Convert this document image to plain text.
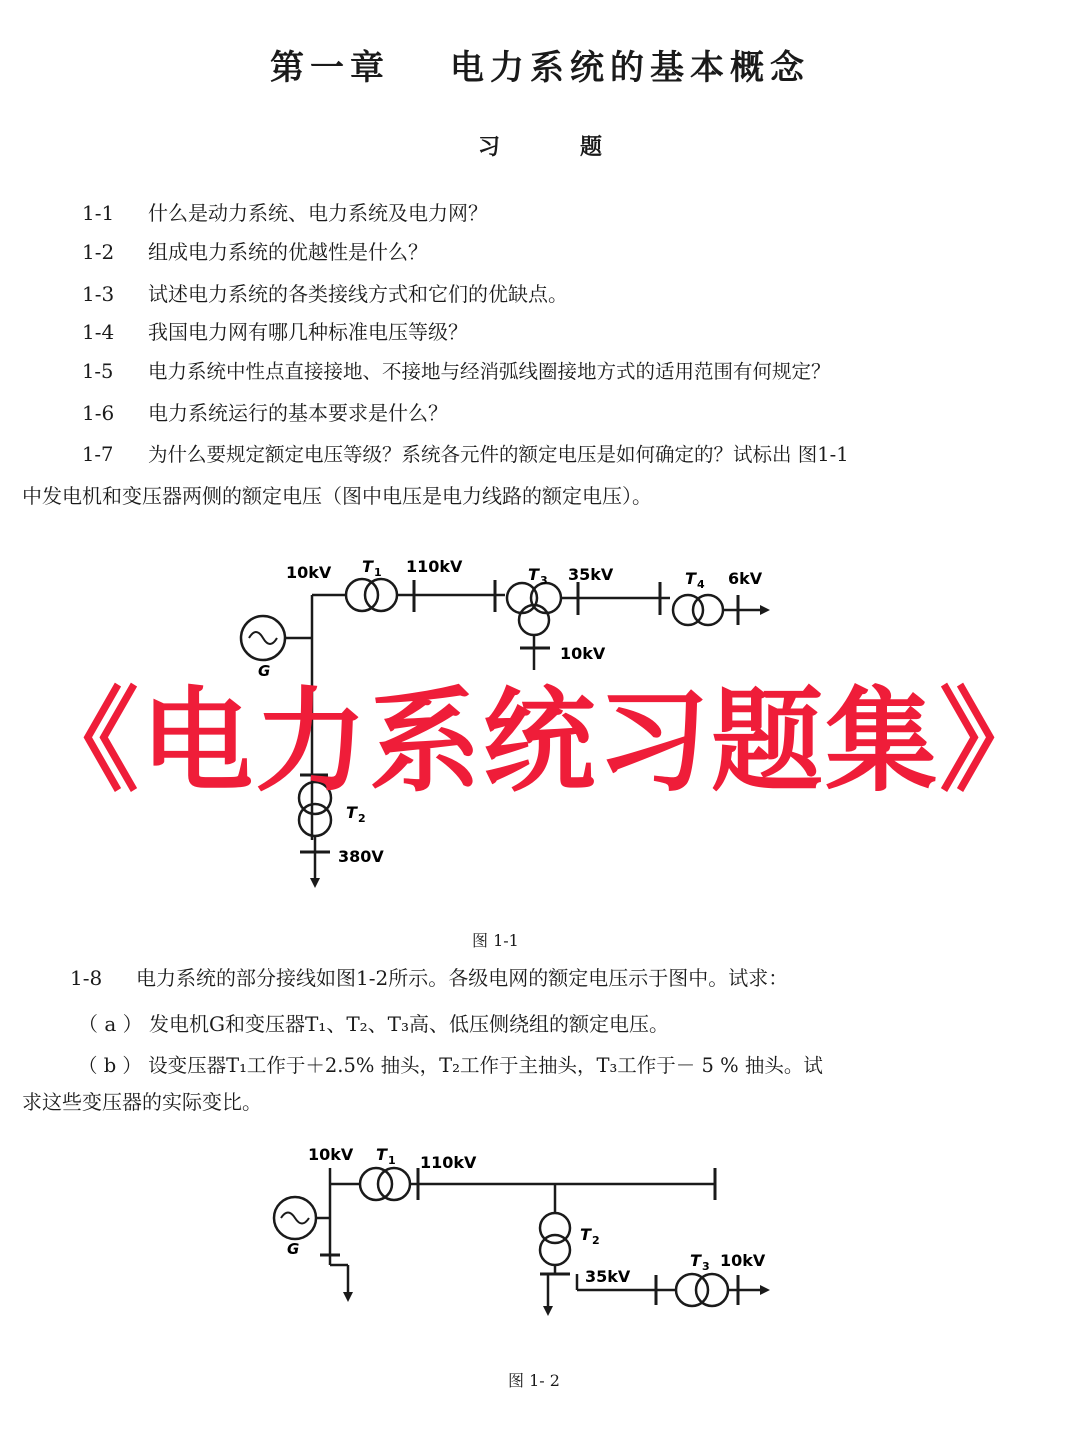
第一章 电力系统的基本概念
习	题
1-1 什么是动力系统、电力系统及电力网？
1-2 组成电力系统的优越性是什么？
1-3 试述电力系统的各类接线方式和它们的优缺点。
1-4 我国电力网有哪几种标准电压等级？
1-5 电力系统中性点直接接地、不接地与经消弧线圈接地方式的适用范围有何规定？
1-6 电力系统运行的基本要求是什么？
1-7 为什么要规定额定电压等级？系统各元件的额定电压是如何确定的？试标出 图1-1
中发电机和变压器两侧的额定电压（图中电压是电力线路的额定电压）。
10kV T 1 110kV	T 3 35kV	T 4 6kV
10kV
G
T 2
380V
图 1-1
《电力系统习题集》
1-8 电力系统的部分接线如图1-2所示。各级电网的额定电压示于图中。试求：
（ a ） 发电机G和变压器T₁、T₂、T₃高、低压侧绕组的额定电压。
（ b ） 设变压器T₁工作于＋2.5% 抽头，T₂工作于主抽头，T₃工作于－ 5 % 抽头。试
求这些变压器的实际变比。
10kV T 1 110kV
G
T 2
35kV
T 3 10kV
图 1- 2
